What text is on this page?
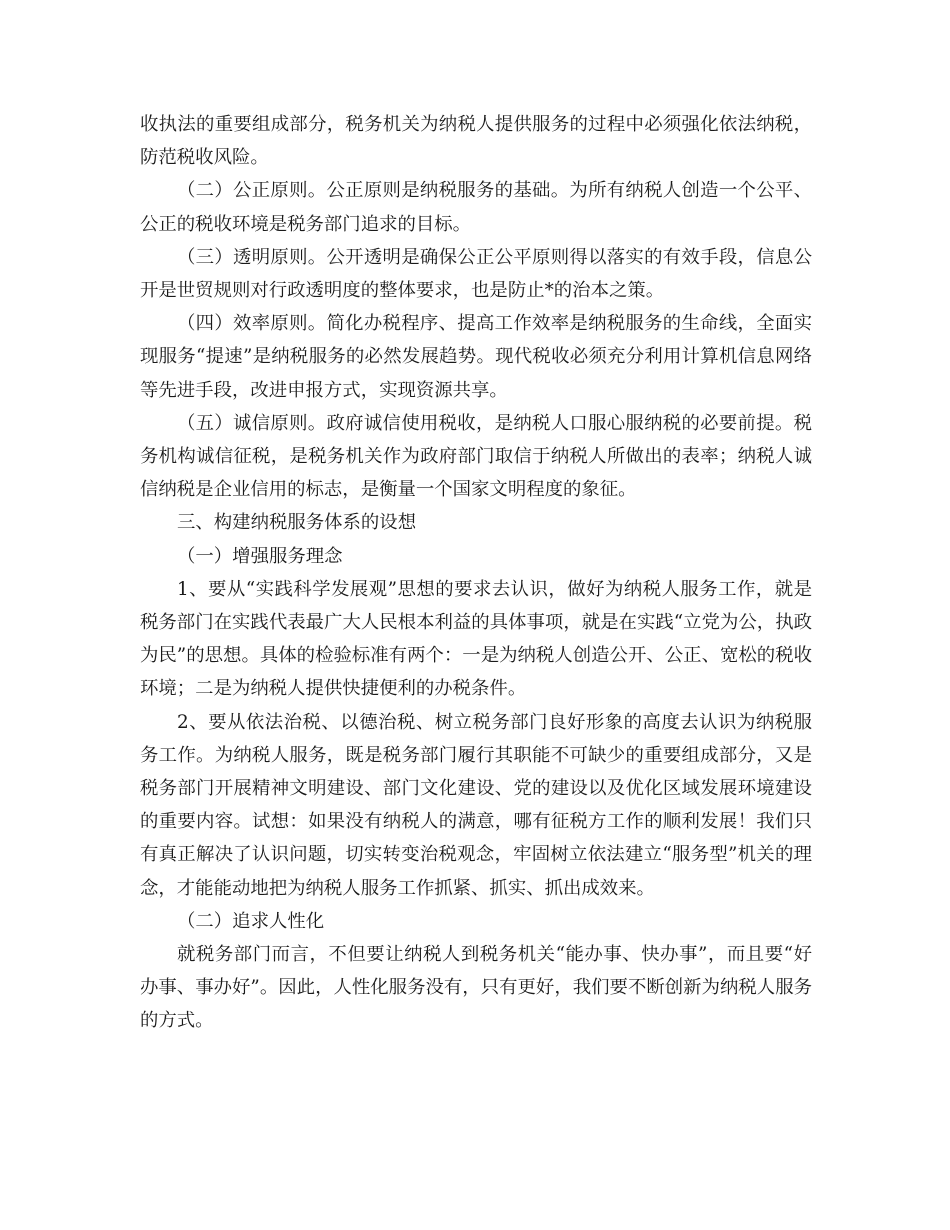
收执法的重要组成部分，税务机关为纳税人提供服务的过程中必须强化依法纳税，防范税收风险。

（二）公正原则。公正原则是纳税服务的基础。为所有纳税人创造一个公平、公正的税收环境是税务部门追求的目标。

（三）透明原则。公开透明是确保公正公平原则得以落实的有效手段，信息公开是世贸规则对行政透明度的整体要求，也是防止*的治本之策。

（四）效率原则。简化办税程序、提高工作效率是纳税服务的生命线，全面实现服务“提速”是纳税服务的必然发展趋势。现代税收必须充分利用计算机信息网络等先进手段，改进申报方式，实现资源共享。

（五）诚信原则。政府诚信使用税收，是纳税人口服心服纳税的必要前提。税务机构诚信征税，是税务机关作为政府部门取信于纳税人所做出的表率；纳税人诚信纳税是企业信用的标志，是衡量一个国家文明程度的象征。

三、构建纳税服务体系的设想

（一）增强服务理念

1、要从“实践科学发展观”思想的要求去认识，做好为纳税人服务工作，就是税务部门在实践代表最广大人民根本利益的具体事项，就是在实践“立党为公，执政为民”的思想。具体的检验标准有两个：一是为纳税人创造公开、公正、宽松的税收环境；二是为纳税人提供快捷便利的办税条件。

2、要从依法治税、以德治税、树立税务部门良好形象的高度去认识为纳税服务工作。为纳税人服务，既是税务部门履行其职能不可缺少的重要组成部分，又是税务部门开展精神文明建设、部门文化建设、党的建设以及优化区域发展环境建设的重要内容。试想：如果没有纳税人的满意，哪有征税方工作的顺利发展！我们只有真正解决了认识问题，切实转变治税观念，牢固树立依法建立“服务型”机关的理念，才能能动地把为纳税人服务工作抓紧、抓实、抓出成效来。

（二）追求人性化

就税务部门而言，不但要让纳税人到税务机关“能办事、快办事”，而且要“好办事、事办好”。因此，人性化服务没有，只有更好，我们要不断创新为纳税人服务的方式。
